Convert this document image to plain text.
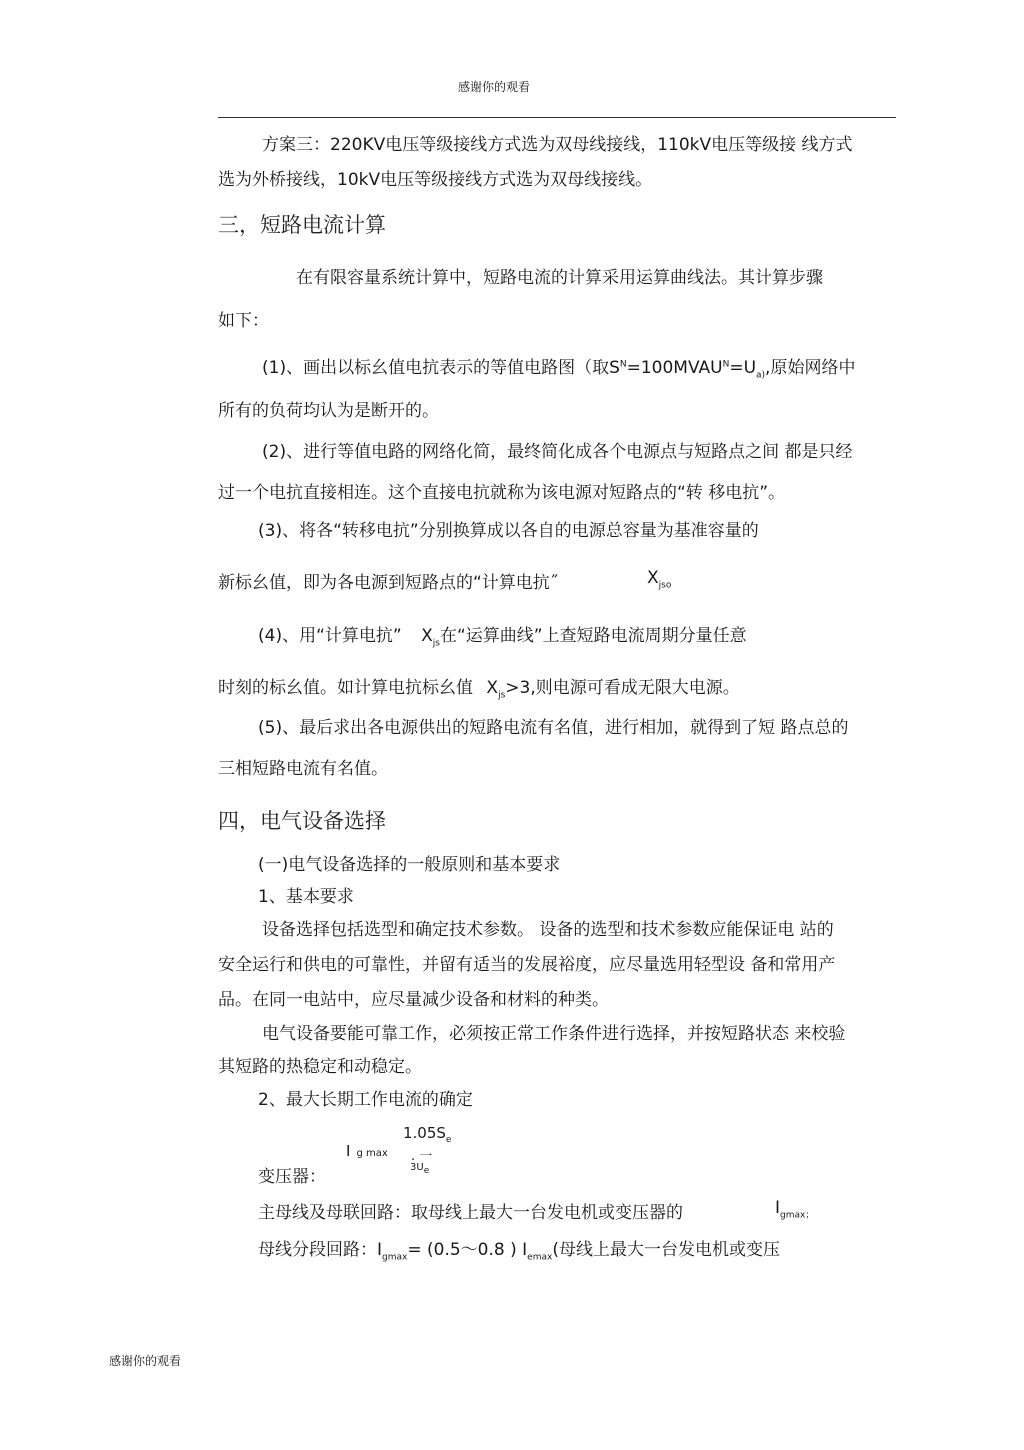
感谢你的观看
方案三：220KV电压等级接线方式选为双母线接线，110kV电压等级接 线方式
选为外桥接线，10kV电压等级接线方式选为双母线接线。
三，短路电流计算
在有限容量系统计算中，短路电流的计算采用运算曲线法。其计算步骤
如下：
(1)、画出以标幺值电抗表示的等值电路图（取$S^N=100MVAU^N=U_{a)}$,原始网络中
所有的负荷均认为是断开的。
(2)、进行等值电路的网络化简，最终简化成各个电源点与短路点之间 都是只经
过一个电抗直接相连。这个直接电抗就称为该电源对短路点的“转 移电抗”。
(3)、将各“转移电抗”分别换算成以各自的电源总容量为基准容量的
新标幺值，即为各电源到短路点的“计算电抗˝	$X_{jso}$
(4)、用“计算电抗” $X_{js}$在“运算曲线”上查短路电流周期分量任意
时刻的标幺值。如计算电抗标幺值 $X_{js}>3$,则电源可看成无限大电源。
(5)、最后求出各电源供出的短路电流有名值，进行相加，就得到了短 路点总的
三相短路电流有名值。
四，电气设备选择
(一)电气设备选择的一般原则和基本要求
1、基本要求
设备选择包括选型和确定技术参数。 设备的选型和技术参数应能保证电 站的
安全运行和供电的可靠性，并留有适当的发展裕度，应尽量选用轻型设 备和常用产
品。在同一电站中，应尽量减少设备和材料的种类。
电气设备要能可靠工作，必须按正常工作条件进行选择，并按短路状态 来校验
其短路的热稳定和动稳定。
2、最大长期工作电流的确定
$1.05S_e$
Ig max . 一
$3U_e$
变压器：
主母线及母联回路：取母线上最大一台发电机或变压器的	$I_{gmax;}$
母线分段回路：$I_{gmax}=$ (0.5～0.8 ) $I_{emax}$(母线上最大一台发电机或变压
感谢你的观看
